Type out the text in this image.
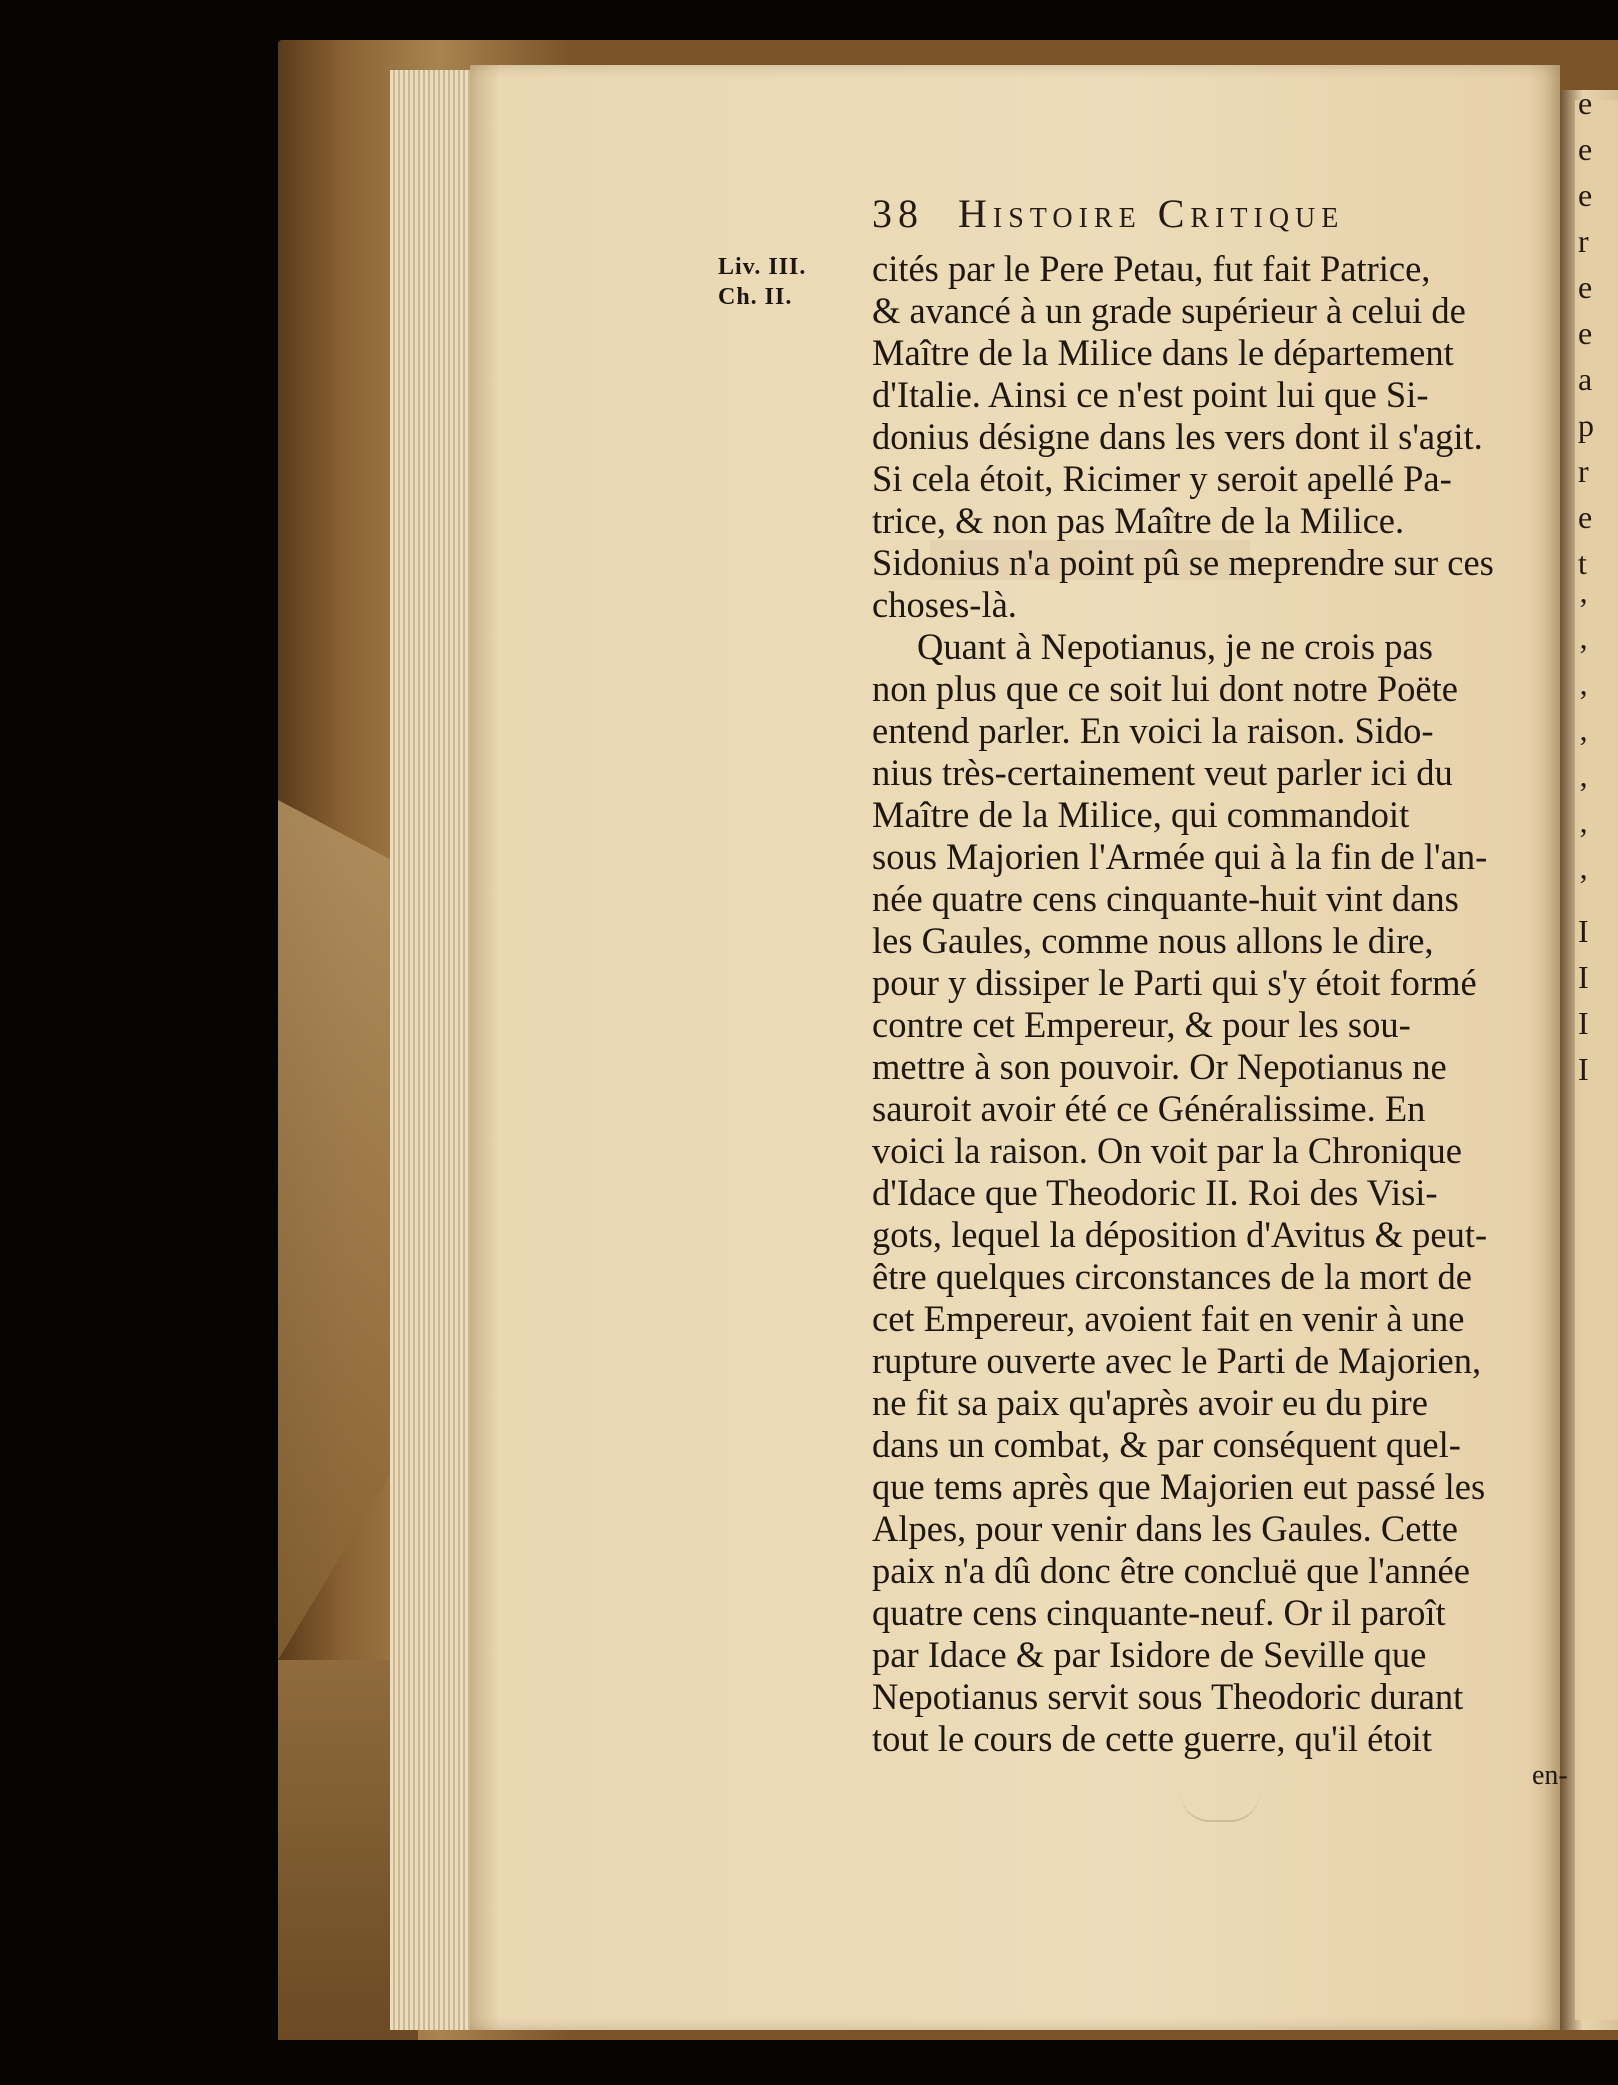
38 Histoire Critique
Liv. III.
Ch. II.
cités par le Pere Petau, fut fait Patrice,
& avancé à un grade supérieur à celui de
Maître de la Milice dans le département
d'Italie. Ainsi ce n'est point lui que Si-
donius désigne dans les vers dont il s'agit.
Si cela étoit, Ricimer y seroit apellé Pa-
trice, & non pas Maître de la Milice.
Sidonius n'a point pû se meprendre sur ces
choses-là.
Quant à Nepotianus, je ne crois pas
non plus que ce soit lui dont notre Poëte
entend parler. En voici la raison. Sido-
nius très-certainement veut parler ici du
Maître de la Milice, qui commandoit
sous Majorien l'Armée qui à la fin de l'an-
née quatre cens cinquante-huit vint dans
les Gaules, comme nous allons le dire,
pour y dissiper le Parti qui s'y étoit formé
contre cet Empereur, & pour les sou-
mettre à son pouvoir. Or Nepotianus ne
sauroit avoir été ce Généralissime. En
voici la raison. On voit par la Chronique
d'Idace que Theodoric II. Roi des Visi-
gots, lequel la déposition d'Avitus & peut-
être quelques circonstances de la mort de
cet Empereur, avoient fait en venir à une
rupture ouverte avec le Parti de Majorien,
ne fit sa paix qu'après avoir eu du pire
dans un combat, & par conséquent quel-
que tems après que Majorien eut passé les
Alpes, pour venir dans les Gaules. Cette
paix n'a dû donc être concluë que l'année
quatre cens cinquante-neuf. Or il paroît
par Idace & par Isidore de Seville que
Nepotianus servit sous Theodoric durant
tout le cours de cette guerre, qu'il étoit
en-
e
e
e
r
e
e
a
p
r
e
t
’
’
’
’
’
’
’
I
I
I
I
